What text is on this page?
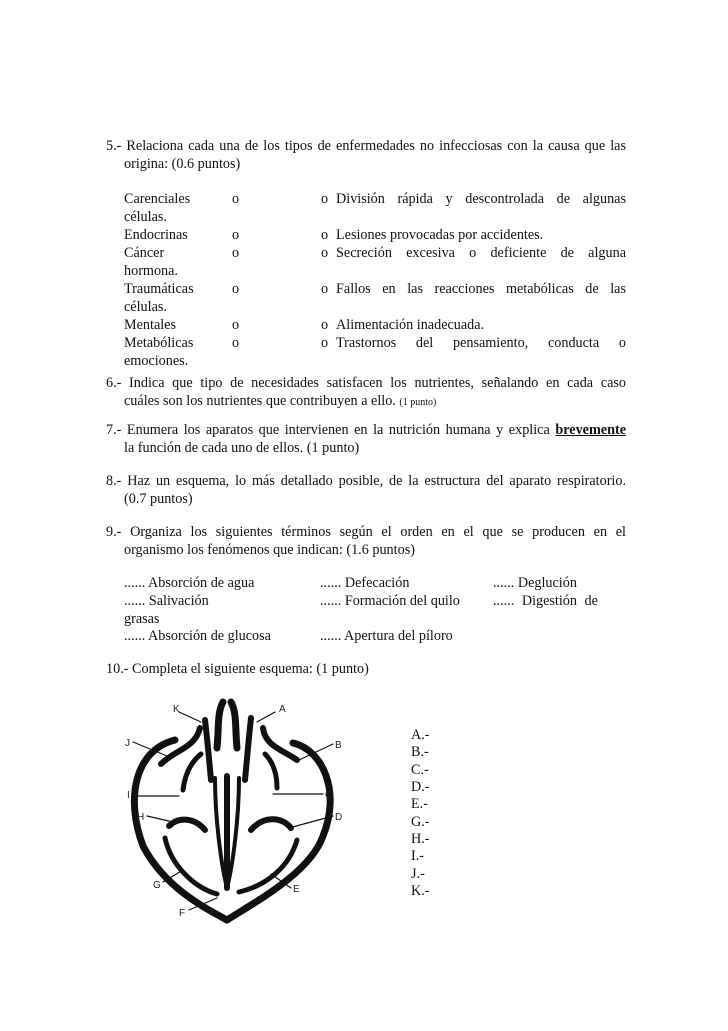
5.- Relaciona cada una de los tipos de enfermedades no infecciosas con la causa que las
origina: (0.6 puntos)
Carenciales	o	o División rápida y descontrolada de algunas
células.
Endocrinas	o	o Lesiones provocadas por accidentes.
Cáncer	o	o Secreción excesiva o deficiente de alguna
hormona.
Traumáticas	o	o Fallos en las reacciones metabólicas de las
células.
Mentales	o	o Alimentación inadecuada.
Metabólicas	o	o Trastornos del pensamiento, conducta o
emociones.
6.- Indica que tipo de necesidades satisfacen los nutrientes, señalando en cada caso
cuáles son los nutrientes que contribuyen a ello. (1 punto)
7.- Enumera los aparatos que intervienen en la nutrición humana y explica brevemente
la función de cada uno de ellos. (1 punto)
8.- Haz un esquema, lo más detallado posible, de la estructura del aparato respiratorio.
(0.7 puntos)
9.- Organiza los siguientes términos según el orden en el que se producen en el
organismo los fenómenos que indican: (1.6 puntos)
...... Absorción de agua	...... Defecación	...... Deglución
...... Salivación	...... Formación del quilo ...... Digestión de
grasas
...... Absorción de glucosa	...... Apertura del píloro
10.- Completa el siguiente esquema: (1 punto)
K	A
J	B
I	C
H	D
G	E
F
A.-
B.-
C.-
D.-
E.-
G.-
H.-
I.-
J.-
K.-
